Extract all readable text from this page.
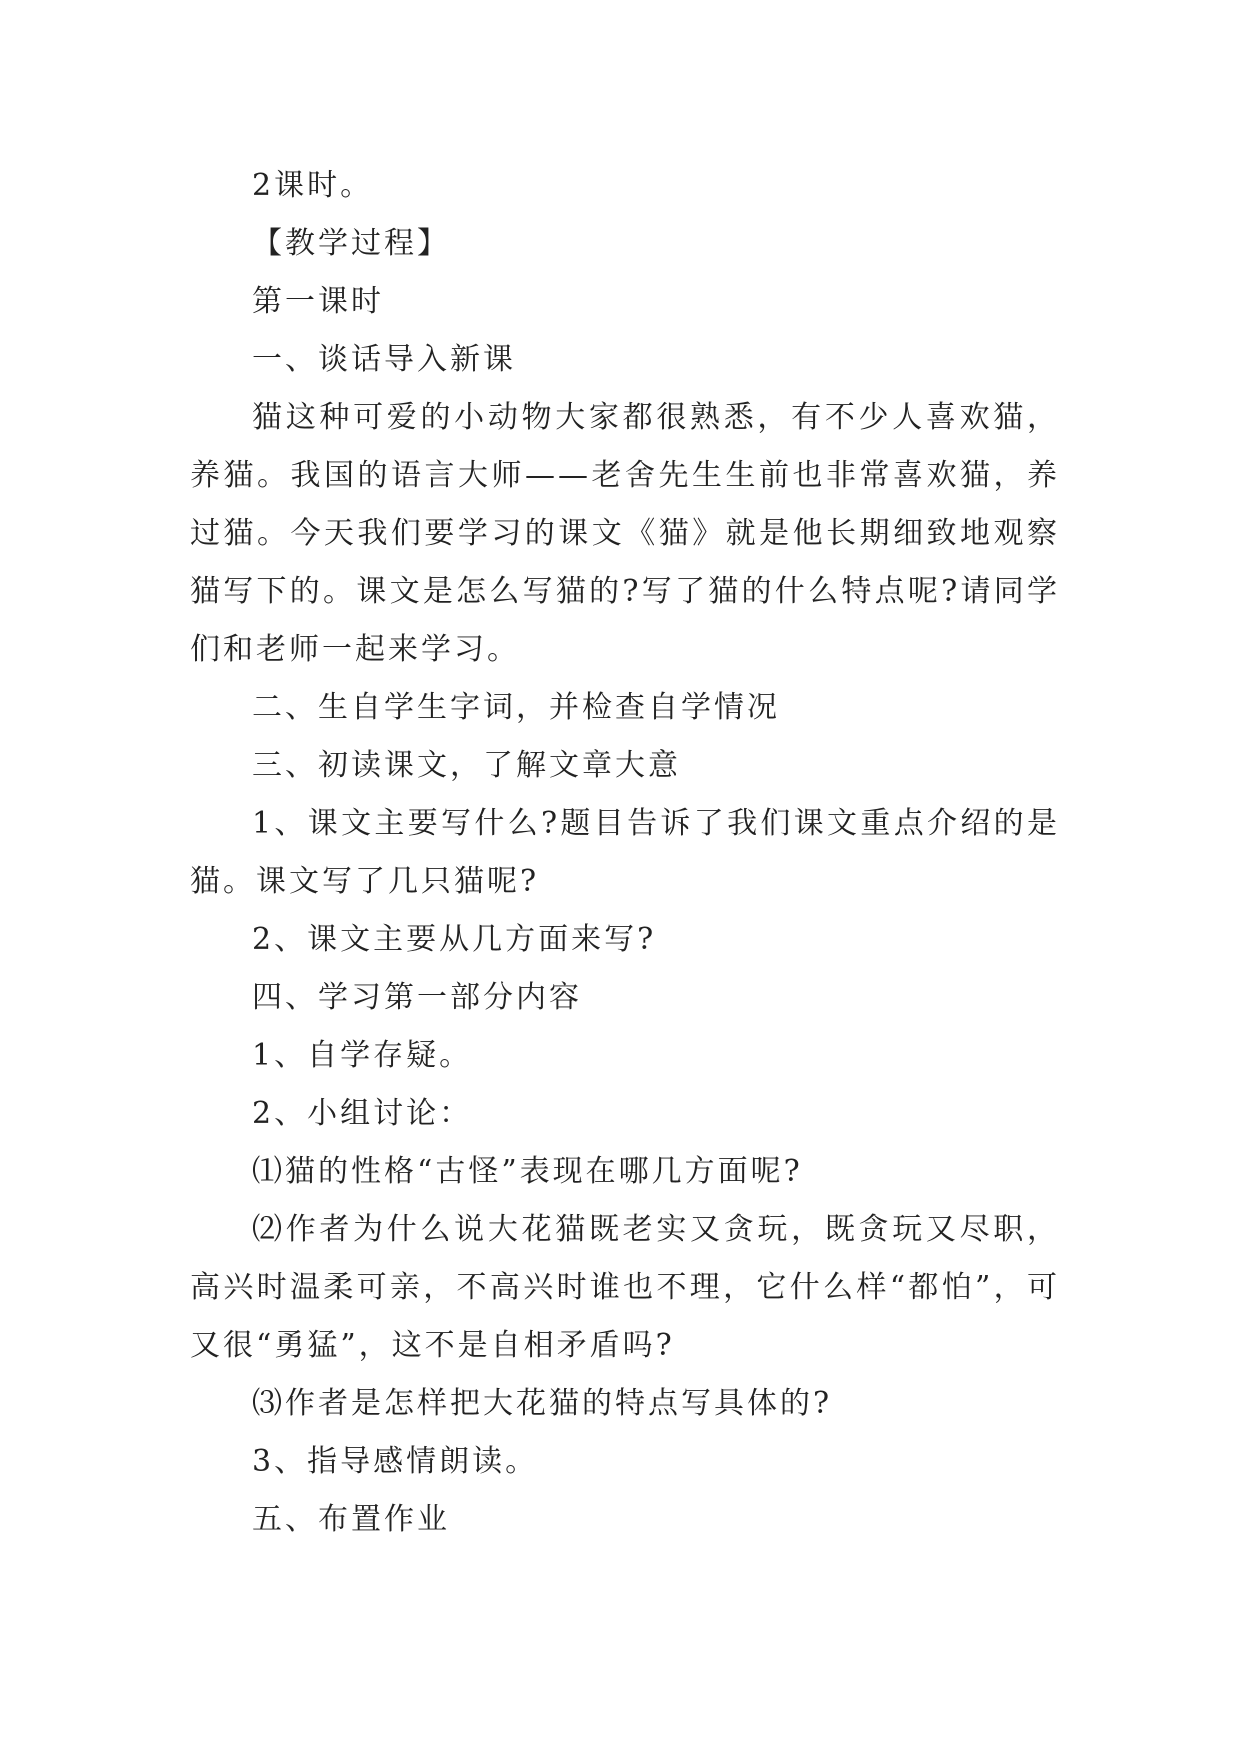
2课时。

【教学过程】

第一课时

一、谈话导入新课

猫这种可爱的小动物大家都很熟悉，有不少人喜欢猫，养猫。我国的语言大师——老舍先生生前也非常喜欢猫，养过猫。今天我们要学习的课文《猫》就是他长期细致地观察猫写下的。课文是怎么写猫的?写了猫的什么特点呢?请同学们和老师一起来学习。

二、生自学生字词，并检查自学情况

三、初读课文，了解文章大意

1、课文主要写什么?题目告诉了我们课文重点介绍的是猫。课文写了几只猫呢?

2、课文主要从几方面来写?

四、学习第一部分内容

1、自学存疑。

2、小组讨论：

⑴猫的性格“古怪”表现在哪几方面呢?

⑵作者为什么说大花猫既老实又贪玩，既贪玩又尽职，高兴时温柔可亲，不高兴时谁也不理，它什么样“都怕”，可又很“勇猛”，这不是自相矛盾吗?

⑶作者是怎样把大花猫的特点写具体的?

3、指导感情朗读。

五、布置作业
